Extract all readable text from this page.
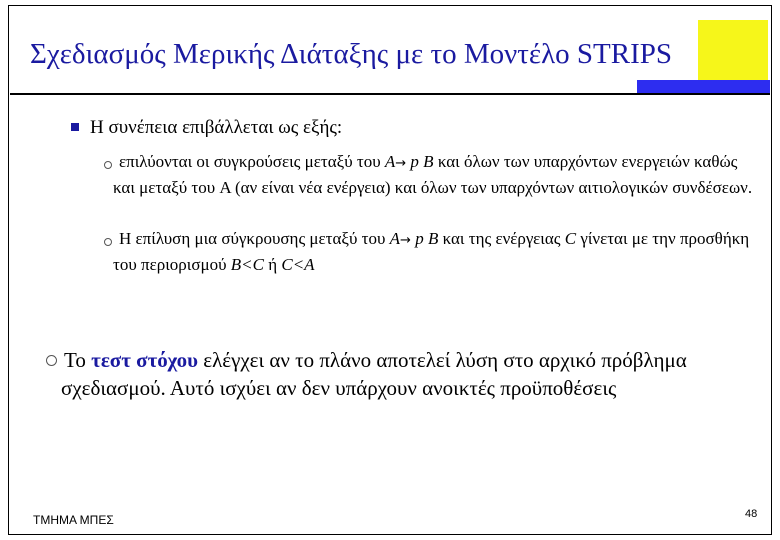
Σχεδιασμός Μερικής Διάταξης με το Μοντέλο STRIPS
Η συνέπεια επιβάλλεται ως εξής:
επιλύονται οι συγκρούσεις μεταξύ του A→ p B και όλων των υπαρχόντων ενεργειών καθώς και μεταξύ του A (αν είναι νέα ενέργεια) και όλων των υπαρχόντων αιτιολογικών συνδέσεων.
Η επίλυση μια σύγκρουσης μεταξύ του A→ p B και της ενέργειας C γίνεται με την προσθήκη του περιορισμού B<C ή C<A
Το τεστ στόχου ελέγχει αν το πλάνο αποτελεί λύση στο αρχικό πρόβλημα σχεδιασμού. Αυτό ισχύει αν δεν υπάρχουν ανοικτές προϋποθέσεις
ΤΜΗΜΑ ΜΠΕΣ	48
